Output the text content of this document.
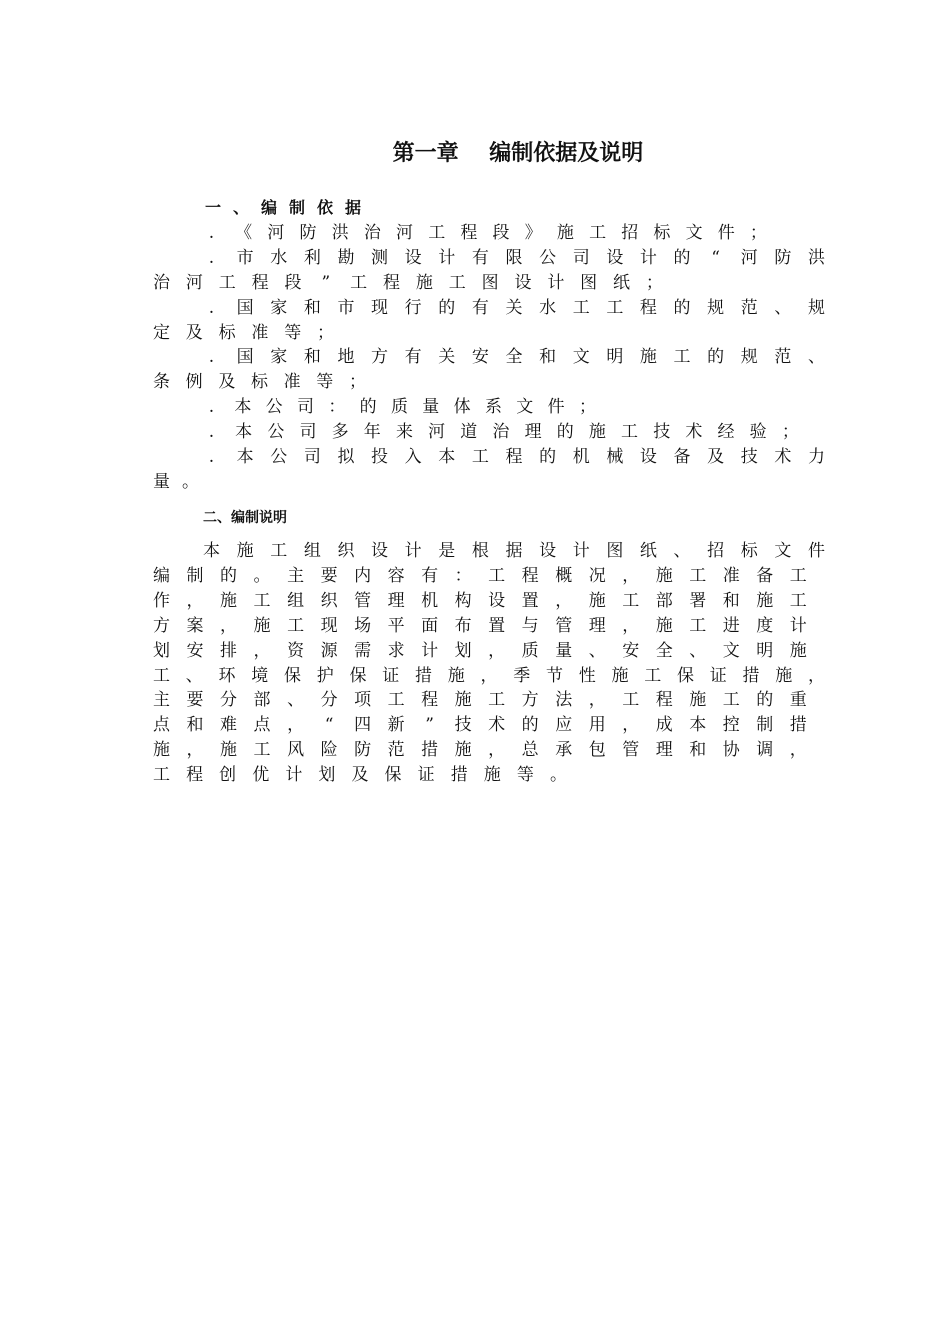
第一章    编制依据及说明
一、编制依据
.	《 河 防 洪 治 河 工 程 段 》 施 工 招 标 文 件 ；
.	市 水 利 勘 测 设 计 有 限 公 司 设 计 的 “ 河 防 洪
治 河 工 程 段 ” 工 程 施 工 图 设 计 图 纸 ；
.	国 家 和 市 现 行 的 有 关 水 工 工 程 的 规 范 、 规
定 及 标 准 等 ；
.	国 家 和 地 方 有 关 安 全 和 文 明 施 工 的 规 范 、
条 例 及 标 准 等 ；
.	本 公 司 ： 的 质 量 体 系 文 件 ；
.	本 公 司 多 年 来 河 道 治 理 的 施 工 技 术 经 验 ；
.	本 公 司 拟 投 入 本 工 程 的 机 械 设 备 及 技 术 力
量 。
二、编制说明
本 施 工 组 织 设 计 是 根 据 设 计 图 纸 、 招 标 文 件
编 制 的 。 主 要 内 容 有 ： 工 程 概 况 ， 施 工 准 备 工
作 ， 施 工 组 织 管 理 机 构 设 置 ， 施 工 部 署 和 施 工
方 案 ， 施 工 现 场 平 面 布 置 与 管 理 ， 施 工 进 度 计
划 安 排 ， 资 源 需 求 计 划 ， 质 量 、 安 全 、 文 明 施
工 、 环 境 保 护 保 证 措 施 ， 季 节 性 施 工 保 证 措 施 ，
主 要 分 部 、 分 项 工 程 施 工 方 法 ， 工 程 施 工 的 重
点 和 难 点 ， “ 四 新 ” 技 术 的 应 用 ， 成 本 控 制 措
施 ， 施 工 风 险 防 范 措 施 ， 总 承 包 管 理 和 协 调 ，
工 程 创 优 计 划 及 保 证 措 施 等 。
